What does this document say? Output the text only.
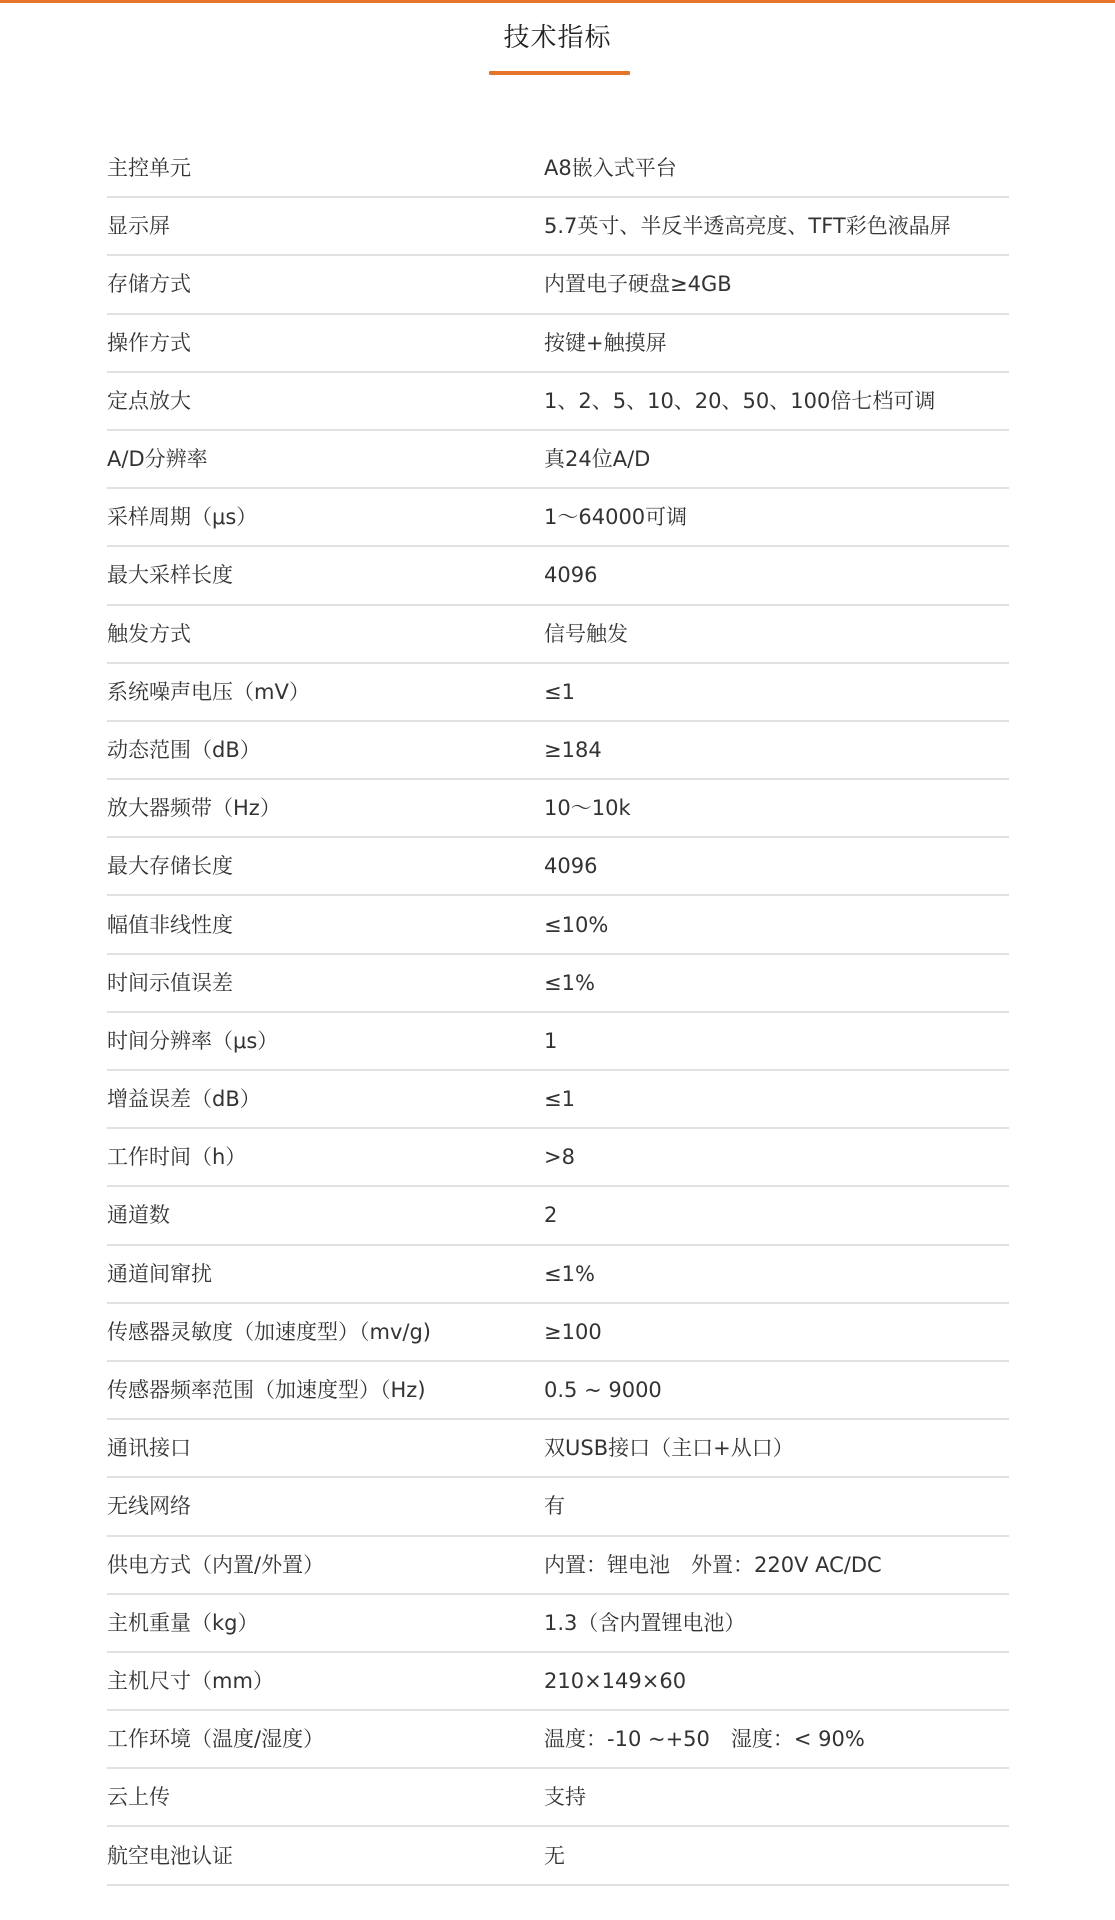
技术指标
主控单元	A8嵌入式平台
显示屏	5.7英寸、半反半透高亮度、TFT彩色液晶屏
存储方式	内置电子硬盘≥4GB
操作方式	按键+触摸屏
定点放大	1、2、5、10、20、50、100倍七档可调
A/D分辨率	真24位A/D
采样周期（μs）	1～64000可调
最大采样长度	4096
触发方式	信号触发
系统噪声电压（mV）	≤1
动态范围（dB）	≥184
放大器频带（Hz）	10～10k
最大存储长度	4096
幅值非线性度	≤10%
时间示值误差	≤1%
时间分辨率（μs）	1
增益误差（dB）	≤1
工作时间（h）	>8
通道数	2
通道间窜扰	≤1%
传感器灵敏度（加速度型）（mv/g)	≥100
传感器频率范围（加速度型）（Hz)	0.5 ~ 9000
通讯接口	双USB接口（主口+从口）
无线网络	有
供电方式（内置/外置）	内置：锂电池　外置：220V AC/DC
主机重量（kg）	1.3（含内置锂电池）
主机尺寸（mm）	210×149×60
工作环境（温度/湿度）	温度：-10 ~+50　湿度：< 90%
云上传	支持
航空电池认证	无
